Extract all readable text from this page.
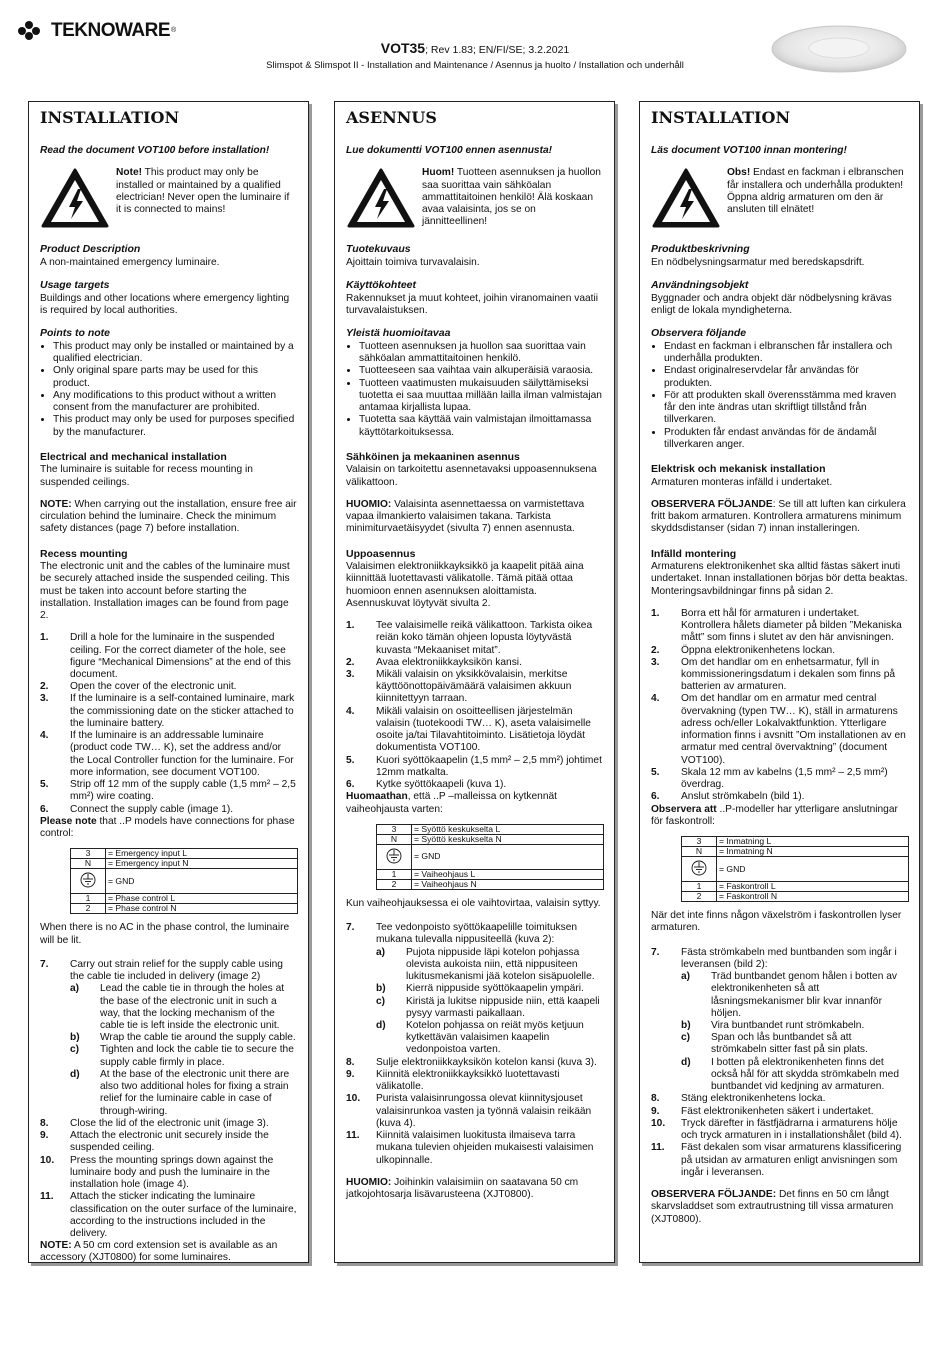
TEKNOWARE ®
VOT35; Rev 1.83; EN/FI/SE; 3.2.2021
Slimspot & Slimspot II - Installation and Maintenance / Asennus ja huolto / Installation och underhåll
INSTALLATION

Read the document VOT100 before installation!

Note! This product may only be installed or maintained by a qualified electrician! Never open the luminaire if it is connected to mains!

Product Description

A non-maintained emergency luminaire.

Usage targets

Buildings and other locations where emergency lighting is required by local authorities.

Points to note
• This product may only be installed or maintained by a qualified electrician.
• Only original spare parts may be used for this product.
• Any modifications to this product without a written consent from the manufacturer are prohibited.
• This product may only be used for purposes specified by the manufacturer.
Electrical and mechanical installation

The luminaire is suitable for recess mounting in suspended ceilings.

NOTE: When carrying out the installation, ensure free air circulation behind the luminaire. Check the minimum safety distances (page 7) before installation.

Recess mounting

The electronic unit and the cables of the luminaire must be securely attached inside the suspended ceiling. This must be taken into account before starting the installation. Installation images can be found from page 2.

1.	Drill a hole for the luminaire in the suspended ceiling. For the correct diameter of the hole, see figure “Mechanical Dimensions” at the end of this document.
2.	Open the cover of the electronic unit.
3.	If the luminaire is a self-contained luminaire, mark the commissioning date on the sticker attached to the luminaire battery.
4.	If the luminaire is an addressable luminaire (product code TW… K), set the address and/or the Local Controller function for the luminaire. For more information, see document VOT100.
5.	Strip off 12 mm of the supply cable (1,5 mm² – 2,5 mm²) wire coating.
6.	Connect the supply cable (image 1).

Please note that ..P models have connections for phase control:

3	= Emergency input L
N	= Emergency input N
	= GND
1	= Phase control L
2	= Phase control N

When there is no AC in the phase control, the luminaire will be lit.

7.	Carry out strain relief for the supply cable using the cable tie included in delivery (image 2)
a)	Lead the cable tie in through the holes at the base of the electronic unit in such a way, that the locking mechanism of the cable tie is left inside the electronic unit.
b)	Wrap the cable tie around the supply cable.
c)	Tighten and lock the cable tie to secure the supply cable firmly in place.
d)	At the base of the electronic unit there are also two additional holes for fixing a strain relief for the luminaire cable in case of through-wiring.
8.	Close the lid of the electronic unit (image 3).
9.	Attach the electronic unit securely inside the suspended ceiling.
10.	Press the mounting springs down against the luminaire body and push the luminaire in the installation hole (image 4).
11.	Attach the sticker indicating the luminaire classification on the outer surface of the luminaire, according to the instructions included in the delivery.

NOTE: A 50 cm cord extension set is available as an accessory (XJT0800) for some luminaires.

ASENNUS

Lue dokumentti VOT100 ennen asennusta!

Huom! Tuotteen asennuksen ja huollon saa suorittaa vain sähköalan ammattitaitoinen henkilö! Älä koskaan avaa valaisinta, jos se on jännitteellinen!

Tuotekuvaus

Ajoittain toimiva turvavalaisin.

Käyttökohteet

Rakennukset ja muut kohteet, joihin viranomainen vaatii turvavalaistuksen.

Yleistä huomioitavaa
• Tuotteen asennuksen ja huollon saa suorittaa vain sähköalan ammattitaitoinen henkilö.
• Tuotteeseen saa vaihtaa vain alkuperäisiä varaosia.
• Tuotteen vaatimusten mukaisuuden säilyttämiseksi tuotetta ei saa muuttaa millään lailla ilman valmistajan antamaa kirjallista lupaa.
• Tuotetta saa käyttää vain valmistajan ilmoittamassa käyttötarkoituksessa.
Sähköinen ja mekaaninen asennus

Valaisin on tarkoitettu asennetavaksi uppoasennuksena välikattoon.

HUOMIO: Valaisinta asennettaessa on varmistettava vapaa ilmankierto valaisimen takana. Tarkista minimiturvaetäisyydet (sivulta 7) ennen asennusta.

Uppoasennus

Valaisimen elektroniikkayksikkö ja kaapelit pitää aina kiinnittää luotettavasti välikatolle. Tämä pitää ottaa huomioon ennen asennuksen aloittamista. Asennuskuvat löytyvät sivulta 2.

1.	Tee valaisimelle reikä välikattoon. Tarkista oikea reiän koko tämän ohjeen lopusta löytyvästä kuvasta “Mekaaniset mitat”.
2.	Avaa elektroniikkayksikön kansi.
3.	Mikäli valaisin on yksikkövalaisin, merkitse käyttöönottopäivämäärä valaisimen akkuun kiinnitettyyn tarraan.
4.	Mikäli valaisin on osoitteellisen järjestelmän valaisin (tuotekoodi TW… K), aseta valaisimelle osoite ja/tai Tilavahtitoiminto. Lisätietoja löydät dokumentista VOT100.
5.	Kuori syöttökaapelin (1,5 mm² – 2,5 mm²) johtimet 12mm matkalta.
6.	Kytke syöttökaapeli (kuva 1).

Huomaathan, että ..P –malleissa on kytkennät vaiheohjausta varten:

3	= Syöttö keskukselta L
N	= Syöttö keskukselta N
	= GND
1	= Vaiheohjaus L
2	= Vaiheohjaus N

Kun vaiheohjauksessa ei ole vaihtovirtaa, valaisin syttyy.

7.	Tee vedonpoisto syöttökaapelille toimituksen mukana tulevalla nippusiteellä (kuva 2):
a)	Pujota nippuside läpi kotelon pohjassa olevista aukoista niin, että nippusiteen lukitusmekanismi jää kotelon sisäpuolelle.
b)	Kierrä nippuside syöttökaapelin ympäri.
c)	Kiristä ja lukitse nippuside niin, että kaapeli pysyy varmasti paikallaan.
d)	Kotelon pohjassa on reiät myös ketjuun kytkettävän valaisimen kaapelin vedonpoistoa varten.
8.	Sulje elektroniikkayksikön kotelon kansi (kuva 3).
9.	Kiinnitä elektroniikkayksikkö luotettavasti välikatolle.
10.	Purista valaisinrungossa olevat kiinnitysjouset valaisinrunkoa vasten ja työnnä valaisin reikään (kuva 4).
11.	Kiinnitä valaisimen luokitusta ilmaiseva tarra mukana tulevien ohjeiden mukaisesti valaisimen ulkopinnalle.

HUOMIO: Joihinkin valaisimiin on saatavana 50 cm jatkojohtosarja lisävarusteena (XJT0800).

INSTALLATION

Läs document VOT100 innan montering!

Obs! Endast en fackman i elbranschen får installera och underhålla produkten! Öppna aldrig armaturen om den är ansluten till elnätet!

Produktbeskrivning

En nödbelysningsarmatur med beredskapsdrift.

Användningsobjekt

Byggnader och andra objekt där nödbelysning krävas enligt de lokala myndigheterna.

Observera följande
• Endast en fackman i elbranschen får installera och underhålla produkten.
• Endast originalreservdelar får användas för produkten.
• För att produkten skall överensstämma med kraven får den inte ändras utan skriftligt tillstånd från tillverkaren.
• Produkten får endast användas för de ändamål tillverkaren anger.
Elektrisk och mekanisk installation

Armaturen monteras infälld i undertaket.

OBSERVERA FÖLJANDE: Se till att luften kan cirkulera fritt bakom armaturen. Kontrollera armaturens minimum skyddsdistanser (sidan 7) innan installeringen.

Infälld montering

Armaturens elektronikenhet ska alltid fästas säkert inuti undertaket. Innan installationen börjas bör detta beaktas. Monteringsavbildningar finns på sidan 2.

1.	Borra ett hål för armaturen i undertaket. Kontrollera hålets diameter på bilden ”Mekaniska mått” som finns i slutet av den här anvisningen.
2.	Öppna elektronikenhetens lockan.
3.	Om det handlar om en enhetsarmatur, fyll in kommissioneringsdatum i dekalen som finns på batterien av armaturen.
4.	Om det handlar om en armatur med central övervakning (typen TW… K), ställ in armaturens adress och/eller Lokalvaktfunktion. Ytterligare information finns i avsnitt ”Om installationen av en armatur med central övervaktning” (document VOT100).
5.	Skala 12 mm av kabelns (1,5 mm² – 2,5 mm²) överdrag.
6.	Anslut strömkabeln (bild 1).

Observera att ..P-modeller har ytterligare anslutningar för faskontroll:

3	= Inmatning L
N	= Inmatning N
	= GND
1	= Faskontroll L
2	= Faskontroll N

När det inte finns någon växelström i faskontrollen lyser armaturen.

7.	Fästa strömkabeln med buntbanden som ingår i leveransen (bild 2):
a)	Träd buntbandet genom hålen i botten av elektronikenheten så att låsningsmekanismer blir kvar innanför höljen.
b)	Vira buntbandet runt strömkabeln.
c)	Span och lås buntbandet så att strömkabeln sitter fast på sin plats.
d)	I botten på elektronikenheten finns det också hål för att skydda strömkabeln med buntbandet vid kedjning av armaturen.
8.	Stäng elektronikenhetens locka.
9.	Fäst elektronikenheten säkert i undertaket.
10.	Tryck därefter in fästfjädrarna i armaturens hölje och tryck armaturen in i installationshålet (bild 4).
11.	Fäst dekalen som visar armaturens klassificering på utsidan av armaturen enligt anvisningen som ingår i leveransen.

OBSERVERA FÖLJANDE: Det finns en 50 cm långt skarvsladdset som extrautrustning till vissa armaturen (XJT0800).
